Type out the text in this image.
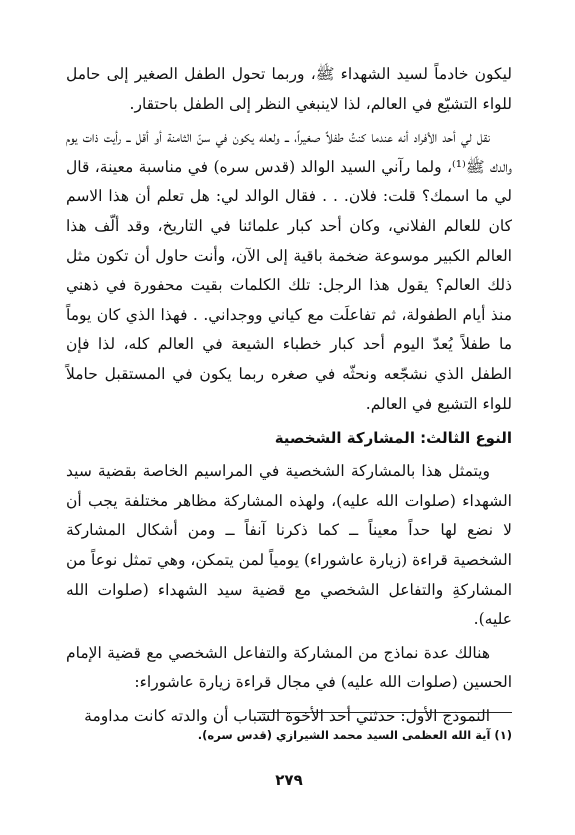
ليكون خادماً لسيد الشهداء ﷺ، وربما تحول الطفل الصغير إلى حامل للواء التشيّع في العالم، لذا لاينبغي النظر إلى الطفل باحتقار.

نقل لي أحد الأفراد أنه عندما كنتُ طفلاً صغيراً، ــ ولعله يكون في سنّ الثامنة أو أقل ــ رأيت ذات يوم والدك ﷺ⁽¹⁾، ولما رآني السيد الوالد (قدس سره) في مناسبة معينة، قال لي ما اسمك؟ قلت: فلان. . . فقال الوالد لي: هل تعلم أن هذا الاسم كان للعالم الفلاني، وكان أحد كبار علمائنا في التاريخ، وقد ألّف هذا العالم الكبير موسوعة ضخمة باقية إلى الآن، وأنت حاول أن تكون مثل ذلك العالم؟ يقول هذا الرجل: تلك الكلمات بقيت محفورة في ذهني منذ أيام الطفولة، ثم تفاعلَت مع كياني ووجداني. . فهذا الذي كان يوماً ما طفلاً يُعدّ اليوم أحد كبار خطباء الشيعة في العالم كله، لذا فإن الطفل الذي نشجّعه ونحثّه في صغره ربما يكون في المستقبل حاملاً للواء التشيع في العالم.

النوع الثالث: المشاركة الشخصية

ويتمثل هذا بالمشاركة الشخصية في المراسيم الخاصة بقضية سيد الشهداء (صلوات الله عليه)، ولهذه المشاركة مظاهر مختلفة يجب أن لا نضع لها حداً معيناً ــ كما ذكرنا آنفاً ــ ومن أشكال المشاركة الشخصية قراءة (زيارة عاشوراء) يومياً لمن يتمكن، وهي تمثل نوعاً من المشاركةِ والتفاعل الشخصي مع قضية سيد الشهداء (صلوات الله عليه).

هنالك عدة نماذج من المشاركة والتفاعل الشخصي مع قضية الإمام الحسين (صلوات الله عليه) في مجال قراءة زيارة عاشوراء:

النموذج الأول: حدثني أحد الأخوة الشباب أن والدته كانت مداومة

(١) آية الله العظمى السيد محمد الشيرازي (قدس سره).

٢٧٩
